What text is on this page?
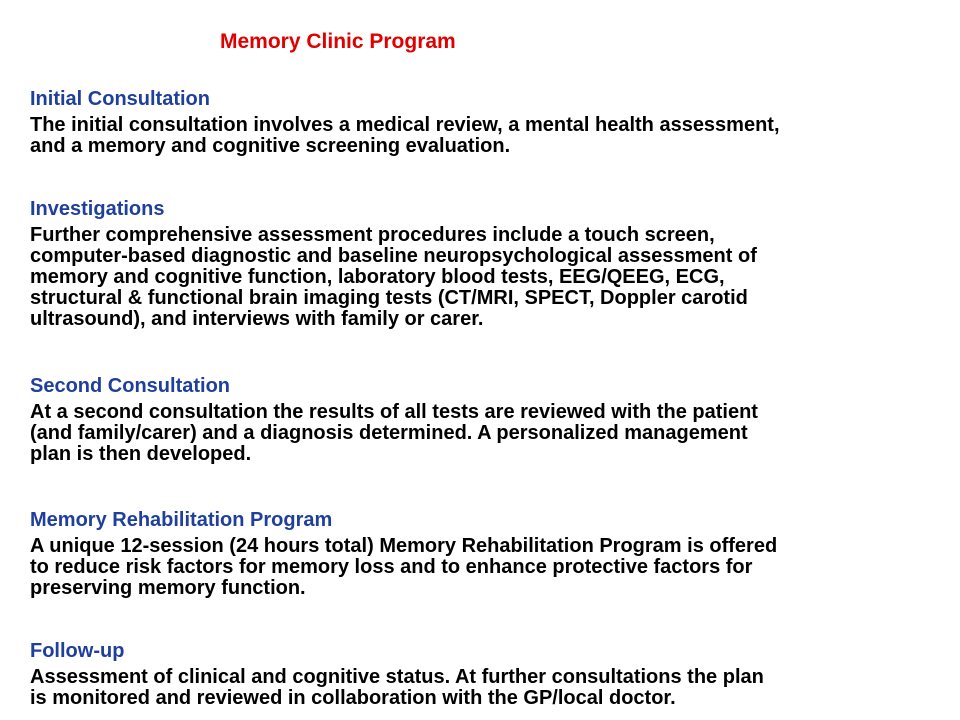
Memory Clinic Program
Initial Consultation

The initial consultation involves a medical review, a mental health assessment,
and a memory and cognitive screening evaluation.

Investigations

Further comprehensive assessment procedures include a touch screen,
computer-based diagnostic and baseline neuropsychological assessment of
memory and cognitive function, laboratory blood tests, EEG/QEEG, ECG,
structural & functional brain imaging tests (CT/MRI, SPECT, Doppler carotid
ultrasound), and interviews with family or carer.

Second Consultation

At a second consultation the results of all tests are reviewed with the patient
(and family/carer) and a diagnosis determined. A personalized management
plan is then developed.

Memory Rehabilitation Program

A unique 12-session (24 hours total) Memory Rehabilitation Program is offered
to reduce risk factors for memory loss and to enhance protective factors for
preserving memory function.

Follow-up

Assessment of clinical and cognitive status. At further consultations the plan
is monitored and reviewed in collaboration with the GP/local doctor.
